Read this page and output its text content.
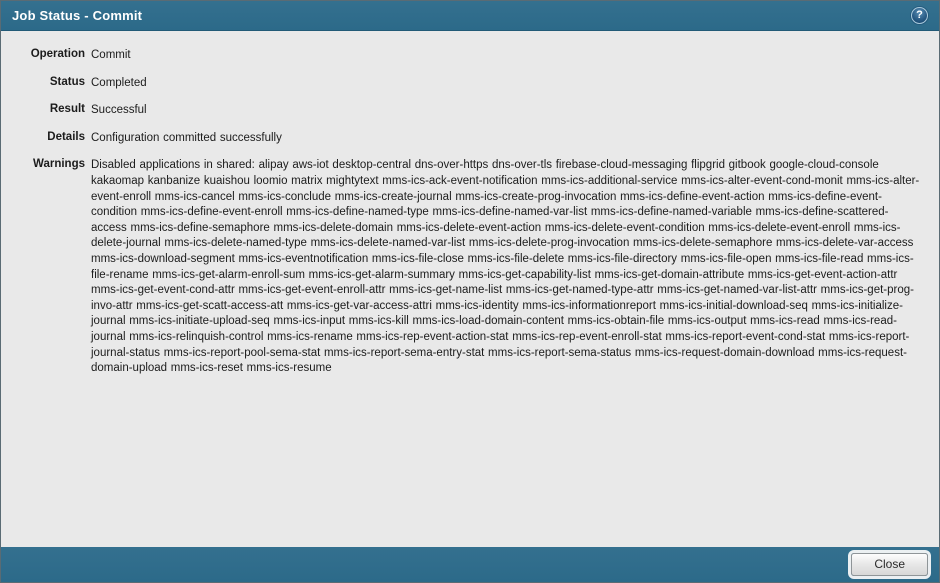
Job Status - Commit	?
Operation Commit
Status Completed
Result Successful
Details Configuration committed successfully
Warnings Disabled applications in shared: alipay aws-iot desktop-central dns-over-https dns-over-tls firebase-cloud-messaging flipgrid gitbook google-cloud-console kakaomap kanbanize kuaishou loomio matrix mightytext mms-ics-ack-event-notification mms-ics-additional-service mms-ics-alter-event-cond-monit mms-ics-alter-event-enroll mms-ics-cancel mms-ics-conclude mms-ics-create-journal mms-ics-create-prog-invocation mms-ics-define-event-action mms-ics-define-event-condition mms-ics-define-event-enroll mms-ics-define-named-type mms-ics-define-named-var-list mms-ics-define-named-variable mms-ics-define-scattered-access mms-ics-define-semaphore mms-ics-delete-domain mms-ics-delete-event-action mms-ics-delete-event-condition mms-ics-delete-event-enroll mms-ics-delete-journal mms-ics-delete-named-type mms-ics-delete-named-var-list mms-ics-delete-prog-invocation mms-ics-delete-semaphore mms-ics-delete-var-access mms-ics-download-segment mms-ics-eventnotification mms-ics-file-close mms-ics-file-delete mms-ics-file-directory mms-ics-file-open mms-ics-file-read mms-ics-file-rename mms-ics-get-alarm-enroll-sum mms-ics-get-alarm-summary mms-ics-get-capability-list mms-ics-get-domain-attribute mms-ics-get-event-action-attr mms-ics-get-event-cond-attr mms-ics-get-event-enroll-attr mms-ics-get-name-list mms-ics-get-named-type-attr mms-ics-get-named-var-list-attr mms-ics-get-prog-invo-attr mms-ics-get-scatt-access-att mms-ics-get-var-access-attri mms-ics-identity mms-ics-informationreport mms-ics-initial-download-seq mms-ics-initialize-journal mms-ics-initiate-upload-seq mms-ics-input mms-ics-kill mms-ics-load-domain-content mms-ics-obtain-file mms-ics-output mms-ics-read mms-ics-read-journal mms-ics-relinquish-control mms-ics-rename mms-ics-rep-event-action-stat mms-ics-rep-event-enroll-stat mms-ics-report-event-cond-stat mms-ics-report-journal-status mms-ics-report-pool-sema-stat mms-ics-report-sema-entry-stat mms-ics-report-sema-status mms-ics-request-domain-download mms-ics-request-domain-upload mms-ics-reset mms-ics-resume
Close
